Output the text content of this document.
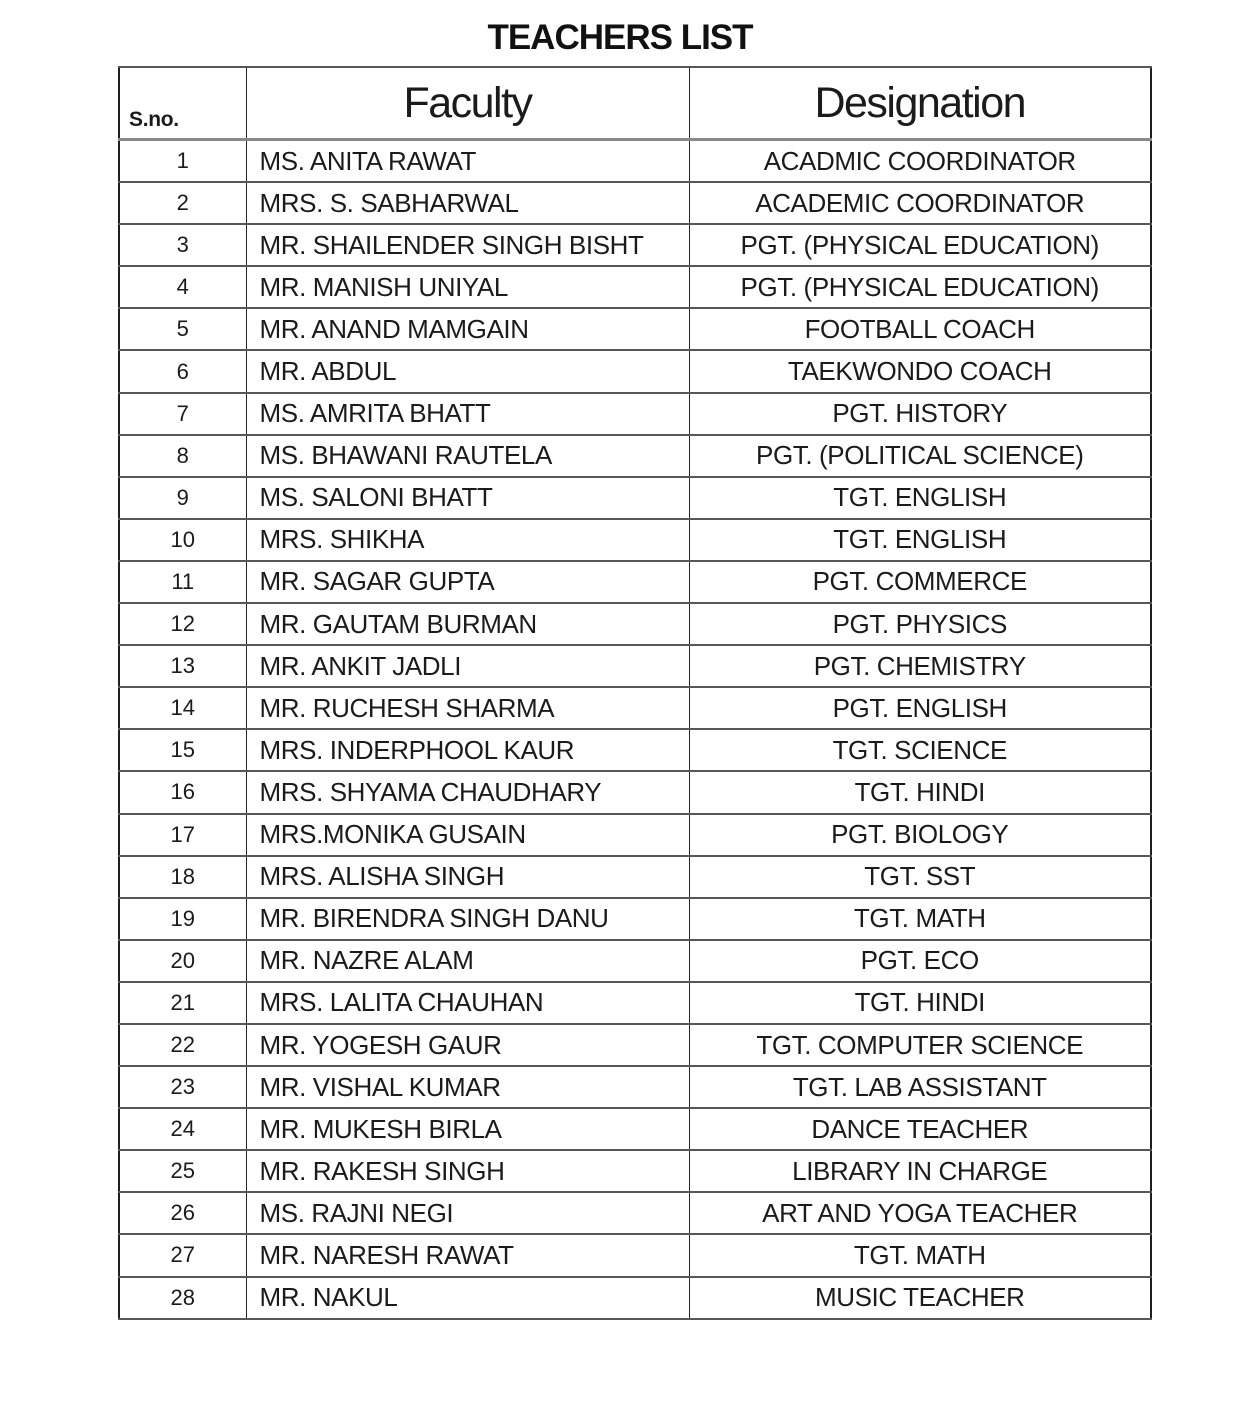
TEACHERS LIST
S.no.	Faculty	Designation
1	MS. ANITA RAWAT	ACADMIC COORDINATOR
2	MRS. S. SABHARWAL	ACADEMIC COORDINATOR
3	MR. SHAILENDER SINGH BISHT	PGT. (PHYSICAL EDUCATION)
4	MR. MANISH UNIYAL	PGT. (PHYSICAL EDUCATION)
5	MR. ANAND MAMGAIN	FOOTBALL COACH
6	MR. ABDUL	TAEKWONDO COACH
7	MS. AMRITA BHATT	PGT. HISTORY
8	MS. BHAWANI RAUTELA	PGT. (POLITICAL SCIENCE)
9	MS. SALONI BHATT	TGT. ENGLISH
10	MRS. SHIKHA	TGT. ENGLISH
11	MR. SAGAR GUPTA	PGT. COMMERCE
12	MR. GAUTAM BURMAN	PGT. PHYSICS
13	MR. ANKIT JADLI	PGT. CHEMISTRY
14	MR. RUCHESH SHARMA	PGT. ENGLISH
15	MRS. INDERPHOOL KAUR	TGT. SCIENCE
16	MRS. SHYAMA CHAUDHARY	TGT. HINDI
17	MRS.MONIKA GUSAIN	PGT. BIOLOGY
18	MRS. ALISHA SINGH	TGT. SST
19	MR. BIRENDRA SINGH DANU	TGT. MATH
20	MR. NAZRE ALAM	PGT. ECO
21	MRS. LALITA CHAUHAN	TGT. HINDI
22	MR. YOGESH GAUR	TGT. COMPUTER SCIENCE
23	MR. VISHAL KUMAR	TGT. LAB ASSISTANT
24	MR. MUKESH BIRLA	DANCE TEACHER
25	MR. RAKESH SINGH	LIBRARY IN CHARGE
26	MS. RAJNI NEGI	ART AND YOGA TEACHER
27	MR. NARESH RAWAT	TGT. MATH
28	MR. NAKUL	MUSIC TEACHER
